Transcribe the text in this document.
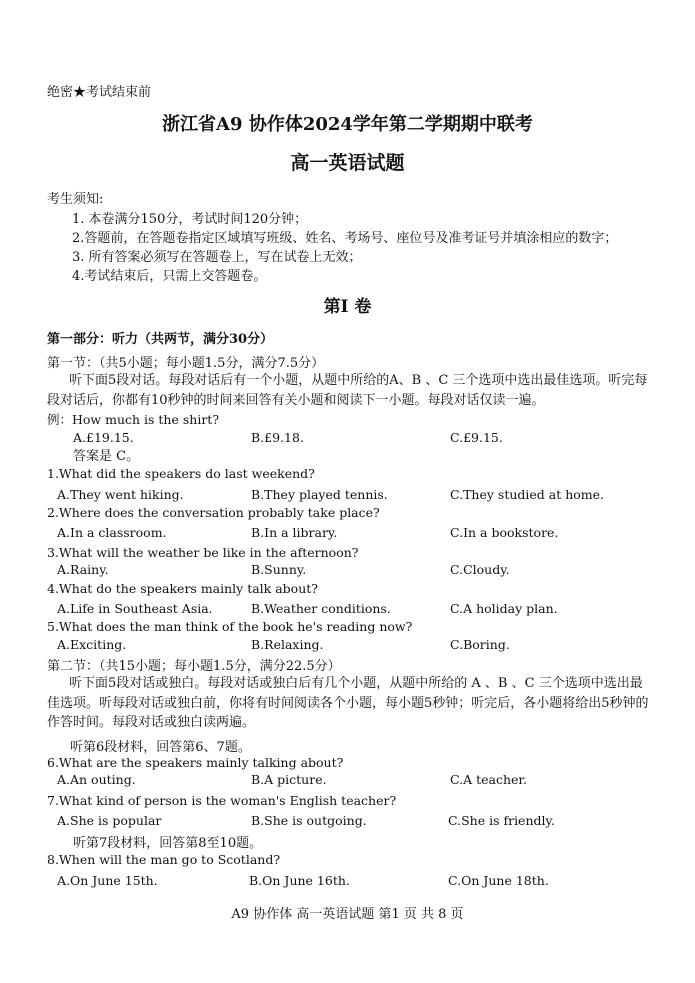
绝密★考试结束前
浙江省A9 协作体2024学年第二学期期中联考
高一英语试题
考生须知:
1. 本卷满分150分，考试时间120分钟；
2.答题前，在答题卷指定区域填写班级、姓名、考场号、座位号及准考证号并填涂相应的数字；
3. 所有答案必须写在答题卷上，写在试卷上无效；
4.考试结束后，只需上交答题卷。
第I 卷
第一部分：听力（共两节，满分30分）
第一节：（共5小题；每小题1.5分，满分7.5分）
听下面5段对话。每段对话后有一个小题，从题中所给的A、B 、C 三个选项中选出最佳选项。听完每段对话后，你都有10秒钟的时间来回答有关小题和阅读下一小题。每段对话仅读一遍。
例：How much is the shirt?
A.£19.15.	B.£9.18.	C.£9.15.
答案是 C。
1.What did the speakers do last weekend?
A.They went hiking.	B.They played tennis.	C.They studied at home.
2.Where does the conversation probably take place?
A.In a classroom.	B.In a library.	C.In a bookstore.
3.What will the weather be like in the afternoon?
A.Rainy.	B.Sunny.	C.Cloudy.
4.What do the speakers mainly talk about?
A.Life in Southeast Asia.	B.Weather conditions.	C.A holiday plan.
5.What does the man think of the book he's reading now?
A.Exciting.	B.Relaxing.	C.Boring.
第二节：（共15小题；每小题1.5分，满分22.5分）
听下面5段对话或独白。每段对话或独白后有几个小题，从题中所给的 A 、B 、C 三个选项中选出最佳选项。听每段对话或独白前，你将有时间阅读各个小题，每小题5秒钟；听完后，各小题将给出5秒钟的作答时间。每段对话或独白读两遍。
听第6段材料，回答第6、7题。
6.What are the speakers mainly talking about?
A.An outing.	B.A picture.	C.A teacher.
7.What kind of person is the woman's English teacher?
A.She is popular	B.She is outgoing.	C.She is friendly.
听第7段材料，回答第8至10题。
8.When will the man go to Scotland?
A.On June 15th.	B.On June 16th.	C.On June 18th.
A9 协作体 高一英语试题 第1 页 共 8 页
